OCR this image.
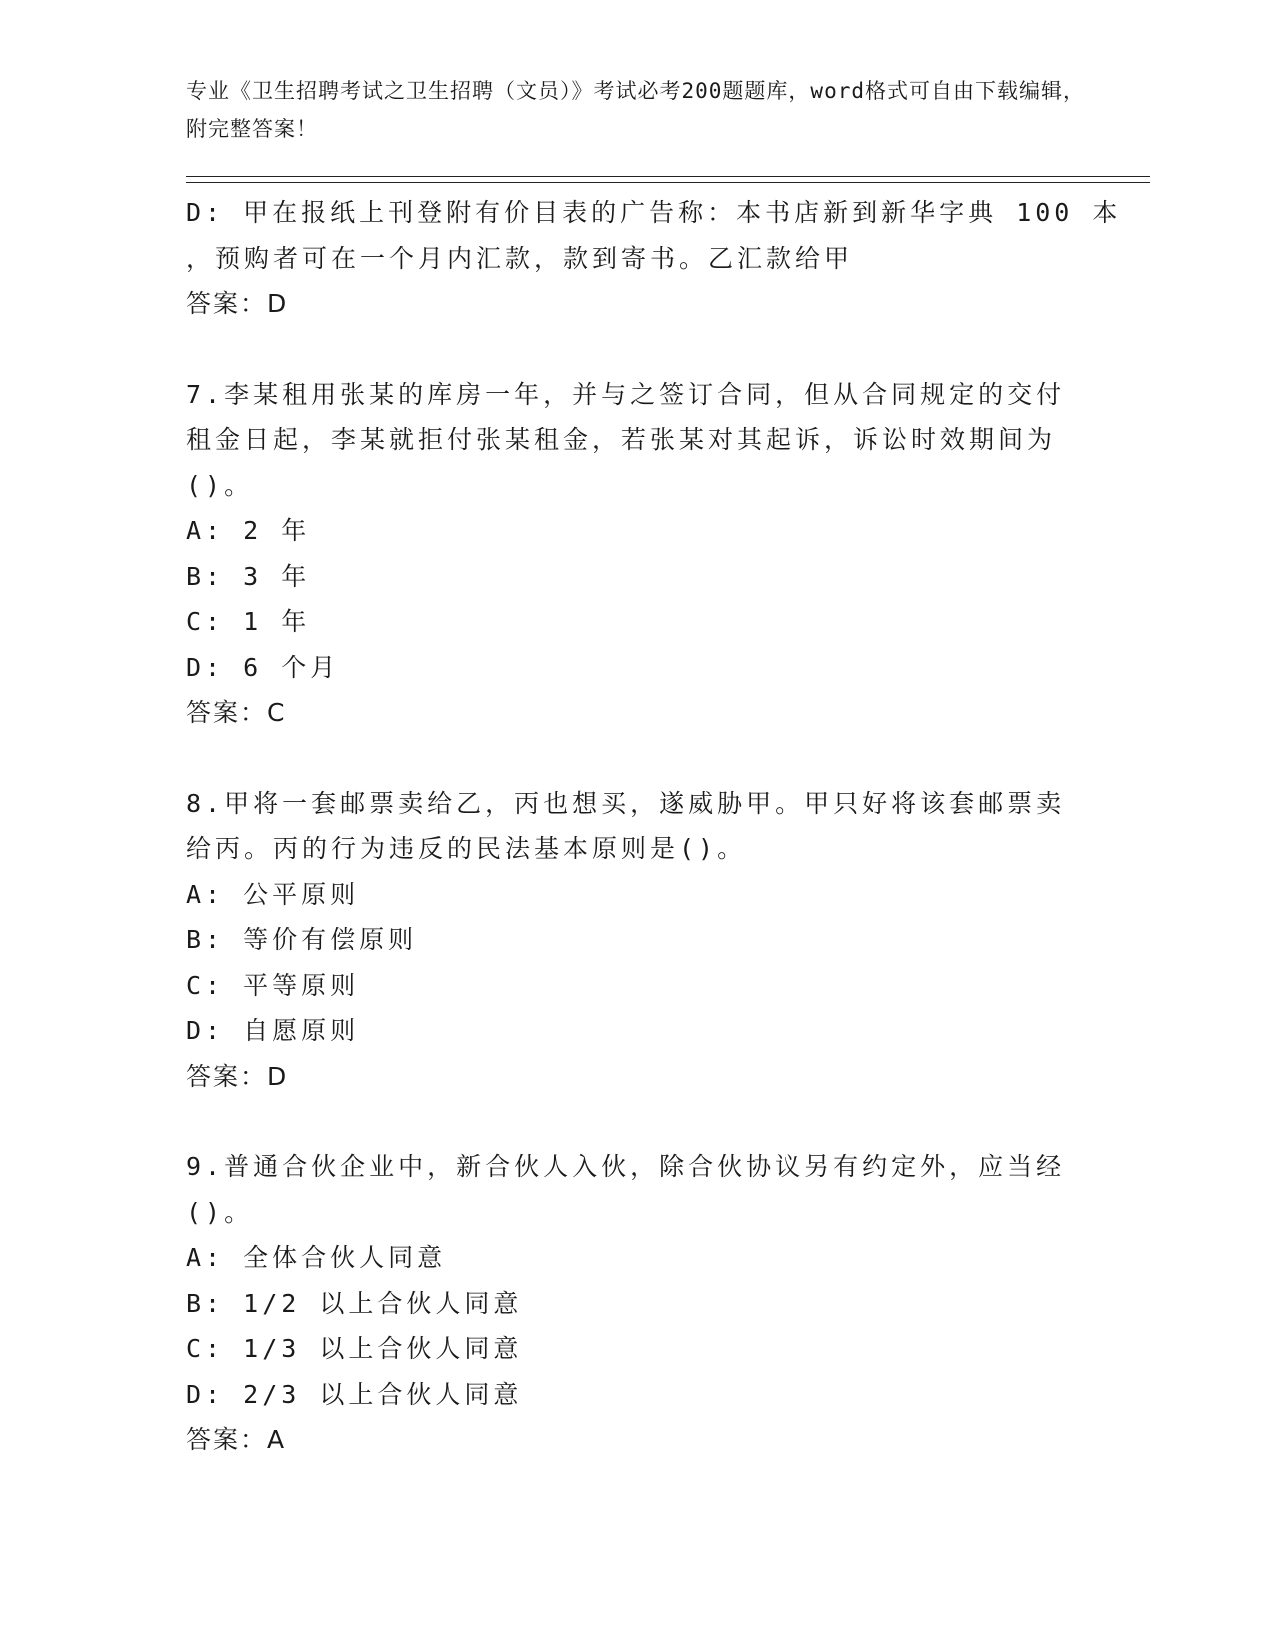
专业《卫生招聘考试之卫生招聘（文员）》考试必考200题题库，word格式可自由下载编辑，附完整答案！
D: 甲在报纸上刊登附有价目表的广告称：本书店新到新华字典 100 本
，预购者可在一个月内汇款，款到寄书。乙汇款给甲
答案：D
7.李某租用张某的库房一年，并与之签订合同，但从合同规定的交付
租金日起，李某就拒付张某租金，若张某对其起诉，诉讼时效期间为
()。
A: 2 年
B: 3 年
C: 1 年
D: 6 个月
答案：C
8.甲将一套邮票卖给乙，丙也想买，遂威胁甲。甲只好将该套邮票卖
给丙。丙的行为违反的民法基本原则是()。
A: 公平原则
B: 等价有偿原则
C: 平等原则
D: 自愿原则
答案：D
9.普通合伙企业中，新合伙人入伙，除合伙协议另有约定外，应当经
()。
A: 全体合伙人同意
B: 1/2 以上合伙人同意
C: 1/3 以上合伙人同意
D: 2/3 以上合伙人同意
答案：A
